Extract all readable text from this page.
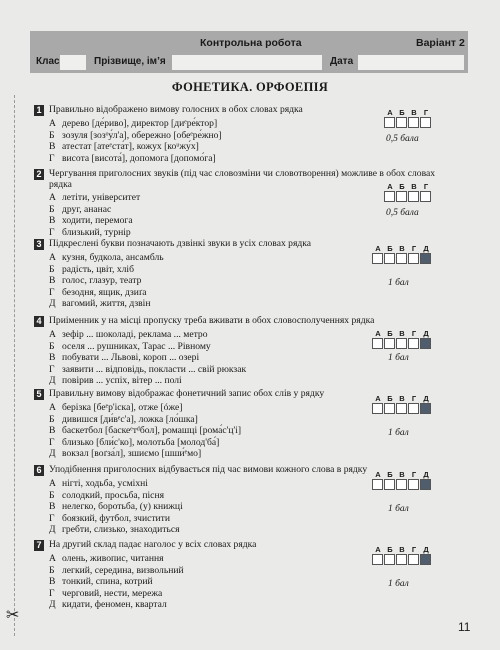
✂
Контрольна робота	Варіант 2
Клас	Прізвище, ім’я	Дата
ФОНЕТИКА. ОРФОЕПІЯ
1 Правильно відображено вимову голосних в обох словах рядка
А дерево [де́риво], директор [диᵉре́ктор]
Б зозуля [зозᵒу́л'а], обережно [обеᵉре́жно]
В атестат [атеᵉста́т], кожух [коᵘжу́х]
Г висота [висота́], допомога [допомо́га]
А Б В Г
0,5 бала
2 Чергування приголосних звуків (під час словозміни чи словотворення) можливе в обох словах рядка
А летіти, університет
Б друг, ананас
В ходити, перемога
Г близький, турнір
А Б В Г
0,5 бала
3 Підкреслені букви позначають дзвінкі звуки в усіх словах рядка
А кузня, будкола, ансамбль
Б радість, цвіт, хліб
В голос, глазур, театр
Г безодня, ящик, дзиґа
Д вагомий, життя, дзвін
А Б В Г Д
1 бал
4 Приіменник у на місці пропуску треба вживати в обох словосполученнях рядка
А зефір ... шоколаді, реклама ... метро
Б оселя ... рушниках, Тарас ... Рівному
В побувати ... Львові, короп ... озері
Г заявити ... відповідь, покласти ... свій рюкзак
Д повірив ... успіх, вітер ... полі
А Б В Г Д
1 бал
5 Правильну вимову відображає фонетичний запис обох слів у рядку
А берізка [беᵉр'іска], отже [óже]
Б дивишся [ди́вᵉс'а], ложка [ло́шка]
В баскетбол [баскеᵉтᵈбол], ромашці [рома́с'ц'і]
Г близько [бли́с'ко], молотьба [молод'ба́]
Д вокзал [воґза́л], зшиємо [шши́ᵉмо]
А Б В Г Д
1 бал
6 Уподібнення приголосних відбувається під час вимови кожного слова в рядку
А нігті, ходьба, усміхні
Б солодкий, просьба, пісня
В нелегко, боротьба, (у) книжці
Г боязкий, футбол, зчистити
Д гребти, слизько, знаходиться
А Б В Г Д
1 бал
7 На другий склад падає наголос у всіх словах рядка
А олень, живопис, читання
Б легкий, середина, визвольний
В тонкий, спина, котрий
Г черговий, нести, мережа
Д кидати, феномен, квартал
А Б В Г Д
1 бал
11
